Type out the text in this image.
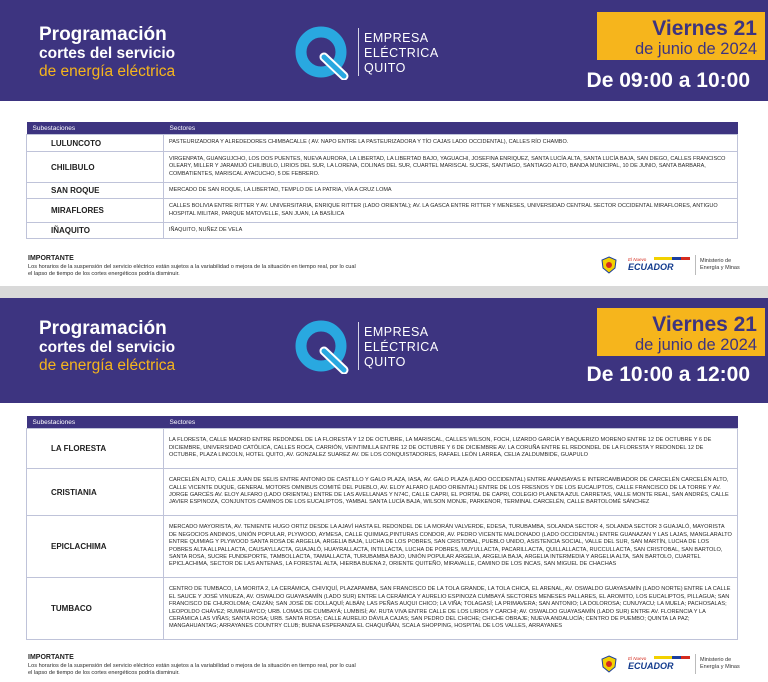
Programación
cortes del servicio
de energía eléctrica
EMPRESA
ELÉCTRICA
QUITO
Viernes 21
de junio de 2024
De 09:00 a 10:00
Subestaciones	Sectores
LULUNCOTO	PASTEURIZADORA Y ALREDEDORES CHIMBACALLE ( AV. NAPO ENTRE LA PASTEURIZADORA Y TÍO CAJAS LADO OCCIDENTAL), CALLES RÍO CHAMBO.
CHILIBULO	VIRGENPATA, GUANGUJCHO, LOS DOS PUENTES, NUEVA AURORA, LA LIBERTAD, LA LIBERTAD BAJO, YAGUACHI, JOSEFINA ENRIQUEZ, SANTA LUCÍA ALTA, SANTA LUCÍA BAJA, SAN DIEGO, CALLES FRANCISCO OLEARY, MILLER Y JARAMIJÓ CHILIBULO, LIRIOS DEL SUR, LA LORENA, COLINAS DEL SUR, CUARTEL MARISCAL SUCRE, SANTIAGO, SANTIAGO ALTO, BANDA MUNICIPAL, 10 DE JUNIO, SANTA BARBARA, COMBATIENTES, MARISCAL AYACUCHO, 5 DE FEBRERO.
SAN ROQUE	MERCADO DE SAN ROQUE, LA LIBERTAD, TEMPLO DE LA PATRIA, VÍA A CRUZ LOMA
MIRAFLORES	CALLES BOLIVIA ENTRE RITTER Y AV. UNIVERSITARIA, ENRIQUE RITTER (LADO ORIENTAL); AV. LA GASCA ENTRE RITTER Y MENESES, UNIVERSIDAD CENTRAL SECTOR OCCIDENTAL MIRAFLORES, ANTIGUO HOSPITAL MILITAR, PARQUE MATOVELLE, SAN JUAN, LA BASÍLICA
IÑAQUITO	IÑAQUITO, NUÑEZ DE VELA
IMPORTANTE
Los horarios de la suspensión del servicio eléctrico están sujetos a la variabilidad o mejora de la situación en tiempo real, por lo cual el lapso de tiempo de los cortes energéticos podría disminuir.
El Nuevo
ECUADOR
Ministerio de Energía y Minas
Programación
cortes del servicio
de energía eléctrica
EMPRESA
ELÉCTRICA
QUITO
Viernes 21
de junio de 2024
De 10:00 a 12:00
Subestaciones	Sectores
LA FLORESTA	LA FLORESTA, CALLE MADRID ENTRE REDONDEL DE LA FLORESTA Y 12 DE OCTUBRE, LA MARISCAL, CALLES WILSON, FOCH, LIZARDO GARCÍA Y BAQUERIZO MORENO ENTRE 12 DE OCTUBRE Y 6 DE DICIEMBRE, UNIVERSIDAD CATÓLICA, CALLES ROCA, CARRIÓN, VEINTIMILLA ENTRE 12 DE OCTUBRE Y 6 DE DICIEMBRE AV. LA CORUÑA ENTRE EL REDONDEL DE LA FLORESTA Y REDONDEL 12 DE OCTUBRE, PLAZA LINCOLN, HOTEL QUITO, AV. GONZALEZ SUAREZ AV. DE LOS CONQUISTADORES, RAFAEL LEÓN LARREA, CELIA ZALDUMBIDE, GUAPULO
CRISTIANIA	CARCELÉN ALTO, CALLE JUAN DE SELIS ENTRE ANTONIO DE CASTILLO Y GALO PLAZA, IASA, AV. GALO PLAZA (LADO OCCIDENTAL) ENTRE ANANSAYAS E INTERCAMBIADOR DE CARCELÉN CARCELÉN ALTO, CALLE VICENTE DUQUE, GENERAL MOTORS OMNIBUS COMITÉ DEL PUEBLO, AV. ELOY ALFARO (LADO ORIENTAL) ENTRE DE LOS FRESNOS Y DE LOS EUCALIPTOS, CALLE FRANCISCO DE LA TORRE Y AV. JORGE GARCÉS AV. ELOY ALFARO (LADO ORIENTAL) ENTRE DE LAS AVELLANAS Y N74C, CALLE CAPRI, EL PORTAL DE CAPRI, COLEGIO PLANETA AZUL CARRETAS, VALLE MONTE REAL, SAN ANDRÉS, CALLE JAVIER ESPINOZA, CONJUNTOS CAMINOS DE LOS EUCALIPTOS, YAMBAL SANTA LUCÍA BAJA, WILSON MONJE, PARKENOR, TERMINAL CARCELÉN, CALLE BARTOLOMÉ SÁNCHEZ
EPICLACHIMA	MERCADO MAYORISTA, AV. TENIENTE HUGO ORTIZ DESDE LA AJAVÍ HASTA EL REDONDEL DE LA MORÁN VALVERDE, EDESA, TURUBAMBA, SOLANDA SECTOR 4, SOLANDA SECTOR 3 GUAJALÓ, MAYORISTA DE NEGOCIOS ANDINOS, UNIÓN POPULAR, PLYWOOD, AYMESA, CALLE QUIMIAG,PINTURAS CONDOR, AV. PEDRO VICENTE MALDONADO (LADO OCCIDENTAL) ENTRE GUANAZAN Y LAS LAJAS, MANGLARALTO ENTRE QUIMIAG Y PLYWOOD SANTA ROSA DE ARGELIA, ARGELIA BAJA, LUCHA DE LOS POBRES, SAN CRISTOBAL, PUEBLO UNIDO, ASISTENCIA SOCIAL, VALLE DEL SUR, SAN MARTÍN, LUCHA DE LOS POBRES ALTA ALLPALLACTA, CAUSAYLLACTA, GUAJALÓ, HUAYRALLACTA, INTILLACTA, LUCHA DE POBRES, MUYULLACTA, PACARILLACTA, QUILLALLACTA, RUCCULLACTA, SAN CRISTOBAL, SAN BARTOLO, SANTA ROSA, SUCRE FUNDEPORTE, TAMBOLLACTA, TAMIALLACTA, TURUBAMBA BAJO, UNIÓN POPULAR ARGELIA, ARGELIA BAJA, ARGELIA INTERMEDIA Y ARGELIA ALTA, SAN BARTOLO, CUARTEL EPICLACHIMA, SECTOR DE LAS ANTENAS, LA FORESTAL ALTA, HIERBA BUENA 2, ORIENTE QUITEÑO, MIRAVALLE, CAMINO DE LOS INCAS, SAN MIGUEL DE CHACHAS
TUMBACO	CENTRO DE TUMBACO, LA MORITA 2, LA CERÁMICA, CHIVIQUÍ, PLAZAPAMBA, SAN FRANCISCO DE LA TOLA GRANDE, LA TOLA CHICA, EL ARENAL, AV. OSWALDO GUAYASAMÍN (LADO NORTE) ENTRE LA CALLE EL SAUCE Y JOSÉ VINUEZA, AV. OSWALDO GUAYASAMÍN (LADO SUR) ENTRE LA CERÁMICA Y AURELIO ESPINOZA CUMBAYÁ SECTORES MENESES PALLARES, EL AROMITO, LOS EUCALIPTOS, PILLAGUA; SAN FRANCISCO DE CHUROLOMA; CAIZÁN; SAN JOSÉ DE COLLAQUÍ; ALBÁN; LAS PEÑAS AUQUI CHICO; LA VIÑA; TOLAGASÍ; LA PRIMAVERA; SAN ANTONIO; LA DOLOROSA; CUNUYACU; LA MUELA; PACHOSALAS; LEOPOLDO CHÁVEZ; RUMIHUAYCO; URB. LOMAS DE CUMBAYÁ; LUMBISÍ; AV. RUTA VIVA ENTRE CALLE DE LOS LIRIOS Y CARCHI; AV. OSWALDO GUAYASAMÍN (LADO SUR) ENTRE AV. FLORENCIA Y LA CERÁMICA LAS VIÑAS; SANTA ROSA; URB. SANTA ROSA; CALLE AURELIO DÁVILA CAJAS; SAN PEDRO DEL CHICHE; CHICHE OBRAJE; NUEVA ANDALUCÍA; CENTRO DE PUEMBO; QUINTA LA PAZ; MANGAHUANTAG; ARRAYANES COUNTRY CLUB; BUENA ESPERANZA EL CHAQUIÑÁN, SCALA SHOPPING, HOSPITAL DE LOS VALLES, ARRAYANES
IMPORTANTE
Los horarios de la suspensión del servicio eléctrico están sujetos a la variabilidad o mejora de la situación en tiempo real, por lo cual el lapso de tiempo de los cortes energéticos podría disminuir.
El Nuevo
ECUADOR
Ministerio de Energía y Minas
